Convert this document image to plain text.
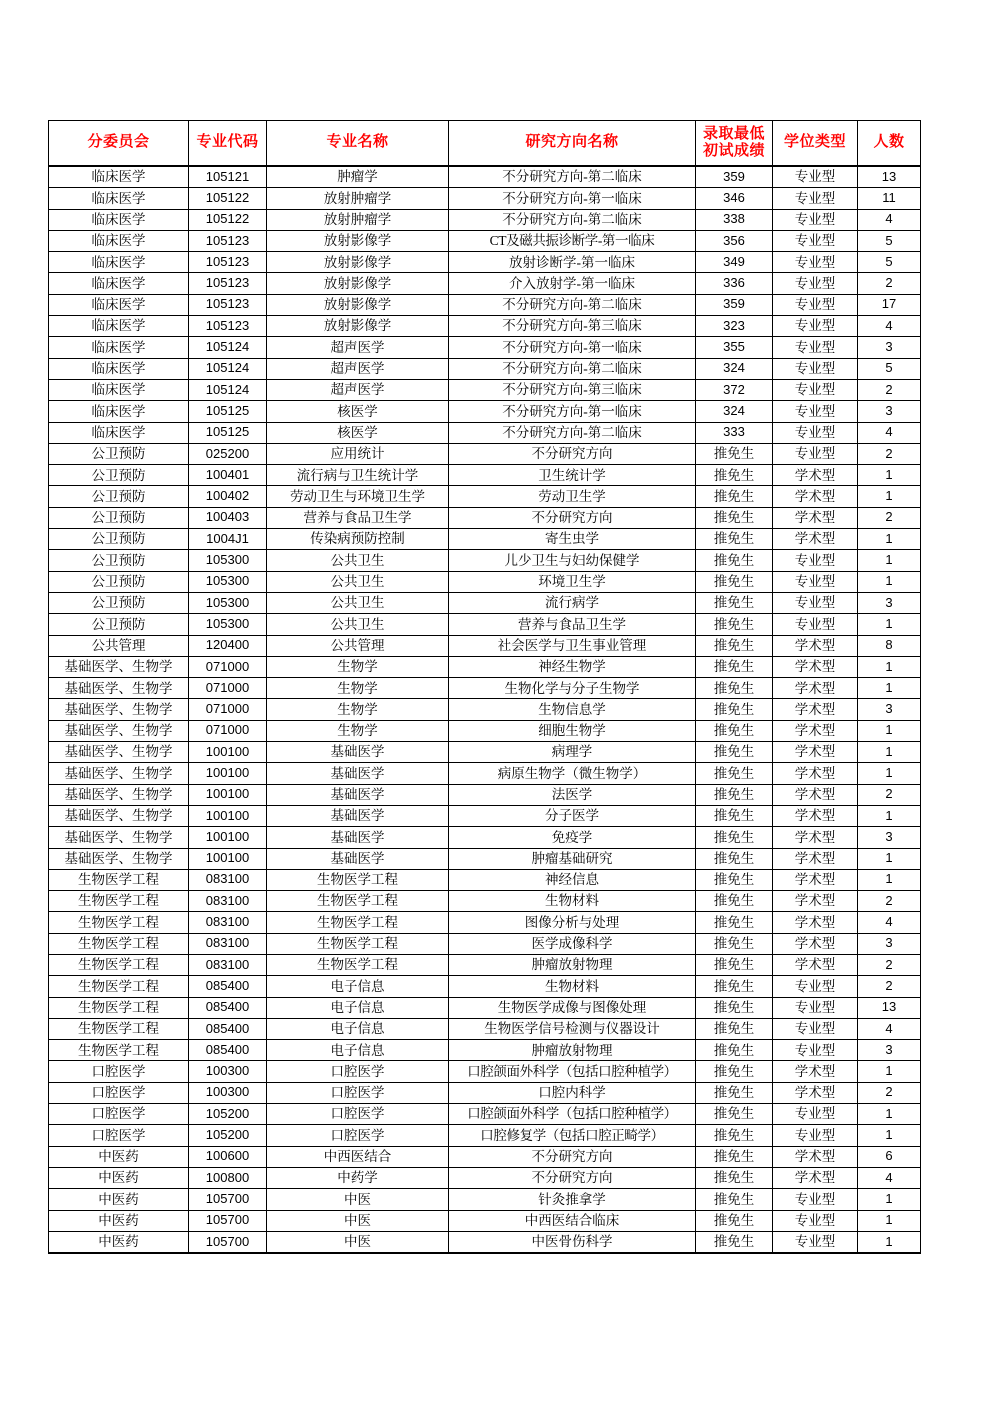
分委员会	专业代码	专业名称	研究方向名称	录取最低
初试成绩	学位类型	人数
临床医学	105121	肿瘤学	不分研究方向-第二临床	359	专业型	13
临床医学	105122	放射肿瘤学	不分研究方向-第一临床	346	专业型	11
临床医学	105122	放射肿瘤学	不分研究方向-第二临床	338	专业型	4
临床医学	105123	放射影像学	CT及磁共振诊断学-第一临床	356	专业型	5
临床医学	105123	放射影像学	放射诊断学-第一临床	349	专业型	5
临床医学	105123	放射影像学	介入放射学-第一临床	336	专业型	2
临床医学	105123	放射影像学	不分研究方向-第二临床	359	专业型	17
临床医学	105123	放射影像学	不分研究方向-第三临床	323	专业型	4
临床医学	105124	超声医学	不分研究方向-第一临床	355	专业型	3
临床医学	105124	超声医学	不分研究方向-第二临床	324	专业型	5
临床医学	105124	超声医学	不分研究方向-第三临床	372	专业型	2
临床医学	105125	核医学	不分研究方向-第一临床	324	专业型	3
临床医学	105125	核医学	不分研究方向-第二临床	333	专业型	4
公卫预防	025200	应用统计	不分研究方向	推免生	专业型	2
公卫预防	100401	流行病与卫生统计学	卫生统计学	推免生	学术型	1
公卫预防	100402	劳动卫生与环境卫生学	劳动卫生学	推免生	学术型	1
公卫预防	100403	营养与食品卫生学	不分研究方向	推免生	学术型	2
公卫预防	1004J1	传染病预防控制	寄生虫学	推免生	学术型	1
公卫预防	105300	公共卫生	儿少卫生与妇幼保健学	推免生	专业型	1
公卫预防	105300	公共卫生	环境卫生学	推免生	专业型	1
公卫预防	105300	公共卫生	流行病学	推免生	专业型	3
公卫预防	105300	公共卫生	营养与食品卫生学	推免生	专业型	1
公共管理	120400	公共管理	社会医学与卫生事业管理	推免生	学术型	8
基础医学、生物学	071000	生物学	神经生物学	推免生	学术型	1
基础医学、生物学	071000	生物学	生物化学与分子生物学	推免生	学术型	1
基础医学、生物学	071000	生物学	生物信息学	推免生	学术型	3
基础医学、生物学	071000	生物学	细胞生物学	推免生	学术型	1
基础医学、生物学	100100	基础医学	病理学	推免生	学术型	1
基础医学、生物学	100100	基础医学	病原生物学（微生物学）	推免生	学术型	1
基础医学、生物学	100100	基础医学	法医学	推免生	学术型	2
基础医学、生物学	100100	基础医学	分子医学	推免生	学术型	1
基础医学、生物学	100100	基础医学	免疫学	推免生	学术型	3
基础医学、生物学	100100	基础医学	肿瘤基础研究	推免生	学术型	1
生物医学工程	083100	生物医学工程	神经信息	推免生	学术型	1
生物医学工程	083100	生物医学工程	生物材料	推免生	学术型	2
生物医学工程	083100	生物医学工程	图像分析与处理	推免生	学术型	4
生物医学工程	083100	生物医学工程	医学成像科学	推免生	学术型	3
生物医学工程	083100	生物医学工程	肿瘤放射物理	推免生	学术型	2
生物医学工程	085400	电子信息	生物材料	推免生	专业型	2
生物医学工程	085400	电子信息	生物医学成像与图像处理	推免生	专业型	13
生物医学工程	085400	电子信息	生物医学信号检测与仪器设计	推免生	专业型	4
生物医学工程	085400	电子信息	肿瘤放射物理	推免生	专业型	3
口腔医学	100300	口腔医学	口腔颌面外科学（包括口腔种植学）	推免生	学术型	1
口腔医学	100300	口腔医学	口腔内科学	推免生	学术型	2
口腔医学	105200	口腔医学	口腔颌面外科学（包括口腔种植学）	推免生	专业型	1
口腔医学	105200	口腔医学	口腔修复学（包括口腔正畸学）	推免生	专业型	1
中医药	100600	中西医结合	不分研究方向	推免生	学术型	6
中医药	100800	中药学	不分研究方向	推免生	学术型	4
中医药	105700	中医	针灸推拿学	推免生	专业型	1
中医药	105700	中医	中西医结合临床	推免生	专业型	1
中医药	105700	中医	中医骨伤科学	推免生	专业型	1
